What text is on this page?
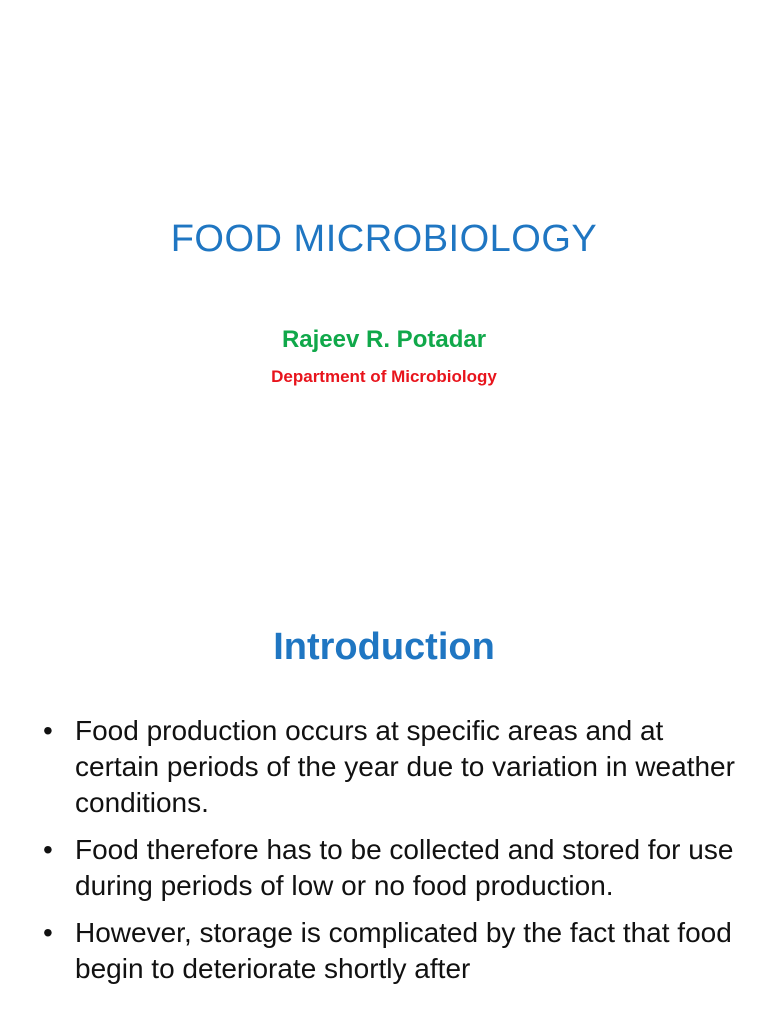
FOOD MICROBIOLOGY

Rajeev R. Potadar

Department of Microbiology

Introduction
• Food production occurs at specific areas and at certain periods of the year due to variation in weather conditions.
• Food therefore has to be collected and stored for use during periods of low or no food production.
• However, storage is complicated by the fact that food begin to deteriorate shortly after
